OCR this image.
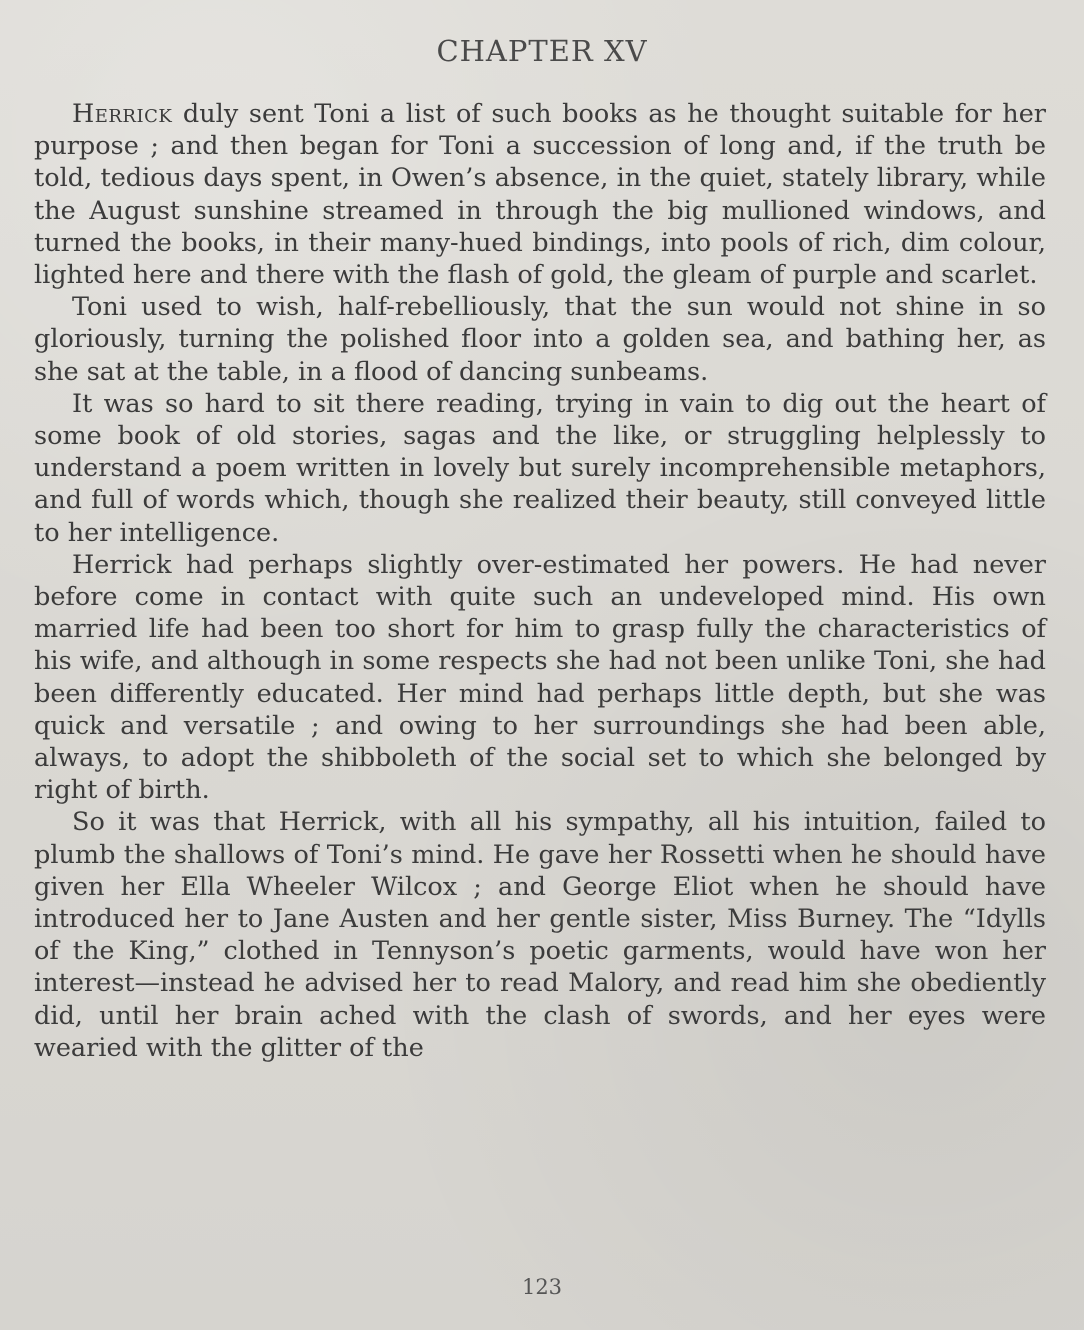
CHAPTER XV

Herrick duly sent Toni a list of such books as he thought suitable for her purpose ; and then began for Toni a succession of long and, if the truth be told, tedious days spent, in Owen’s absence, in the quiet, stately library, while the August sunshine streamed in through the big mullioned windows, and turned the books, in their many-hued bindings, into pools of rich, dim colour, lighted here and there with the flash of gold, the gleam of purple and scarlet.

Toni used to wish, half-rebelliously, that the sun would not shine in so gloriously, turning the polished floor into a golden sea, and bathing her, as she sat at the table, in a flood of dancing sunbeams.

It was so hard to sit there reading, trying in vain to dig out the heart of some book of old stories, sagas and the like, or struggling helplessly to understand a poem written in lovely but surely incomprehensible metaphors, and full of words which, though she realized their beauty, still conveyed little to her intelligence.

Herrick had perhaps slightly over-estimated her powers. He had never before come in contact with quite such an undeveloped mind. His own married life had been too short for him to grasp fully the characteristics of his wife, and although in some respects she had not been unlike Toni, she had been differently educated. Her mind had perhaps little depth, but she was quick and versatile ; and owing to her surroundings she had been able, always, to adopt the shibboleth of the social set to which she belonged by right of birth.

So it was that Herrick, with all his sympathy, all his intuition, failed to plumb the shallows of Toni’s mind. He gave her Rossetti when he should have given her Ella Wheeler Wilcox ; and George Eliot when he should have introduced her to Jane Austen and her gentle sister, Miss Burney. The “Idylls of the King,” clothed in Tennyson’s poetic garments, would have won her interest—instead he advised her to read Malory, and read him she obediently did, until her brain ached with the clash of swords, and her eyes were wearied with the glitter of the

123
